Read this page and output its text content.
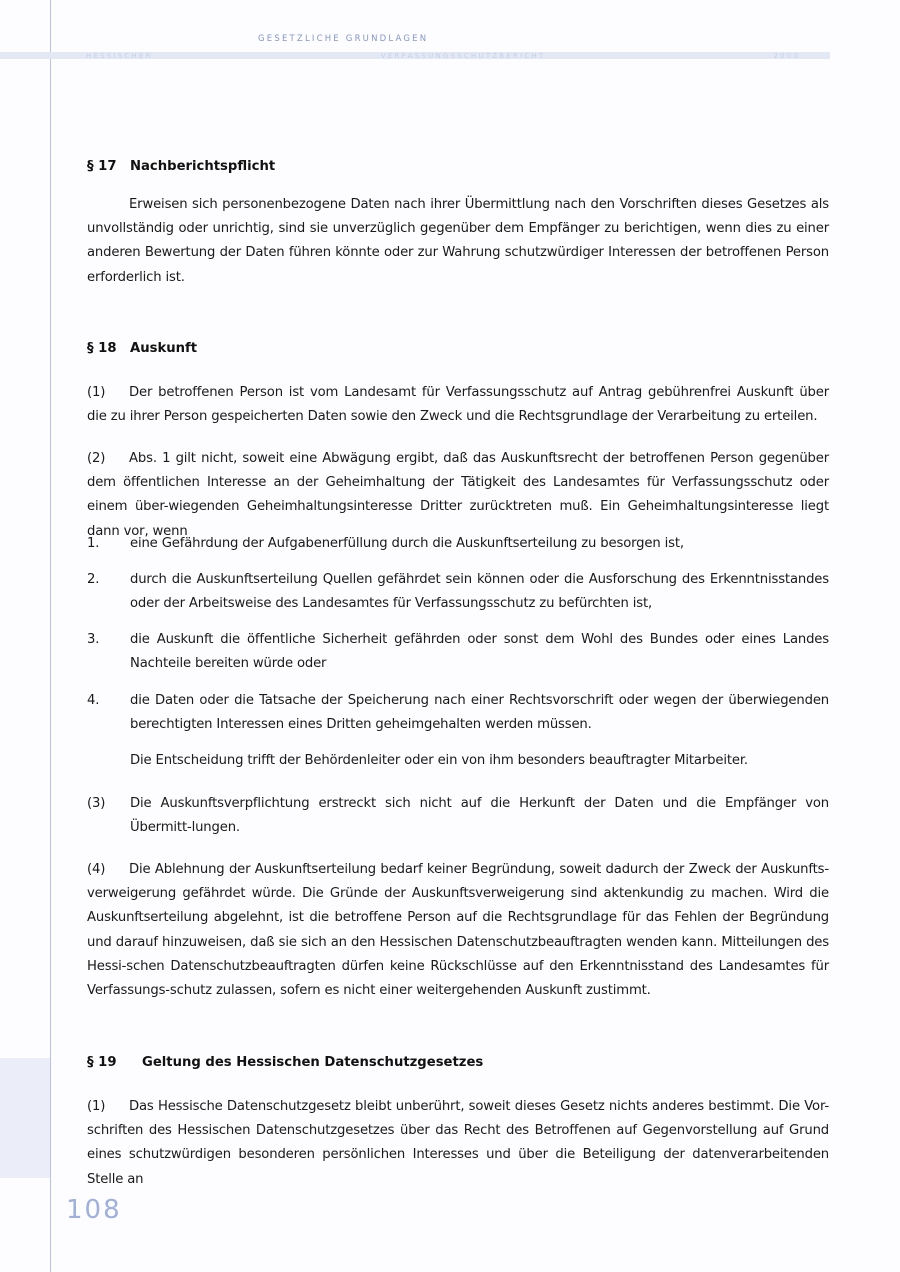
GESETZLICHE GRUNDLAGEN
H E S S I S C H E R	V E R F A S S U N G S S C H U T Z B E R I C H T	2 0 0 0
108
§ 17 Nachberichtspflicht
Erweisen sich personenbezogene Daten nach ihrer Übermittlung nach den Vorschriften dieses Gesetzes als unvollständig oder unrichtig, sind sie unverzüglich gegenüber dem Empfänger zu berichtigen, wenn dies zu einer anderen Bewertung der Daten führen könnte oder zur Wahrung schutzwürdiger Interessen der betroffenen Person erforderlich ist.
§ 18 Auskunft
(1) Der betroffenen Person ist vom Landesamt für Verfassungsschutz auf Antrag gebührenfrei Auskunft über die zu ihrer Person gespeicherten Daten sowie den Zweck und die Rechtsgrundlage der Verarbeitung zu erteilen.
(2) Abs. 1 gilt nicht, soweit eine Abwägung ergibt, daß das Auskunftsrecht der betroffenen Person gegenüber dem öffentlichen Interesse an der Geheimhaltung der Tätigkeit des Landesamtes für Verfassungsschutz oder einem über-wiegenden Geheimhaltungsinteresse Dritter zurücktreten muß. Ein Geheimhaltungsinteresse liegt dann vor, wenn
1.	eine Gefährdung der Aufgabenerfüllung durch die Auskunftserteilung zu besorgen ist,
2.	durch die Auskunftserteilung Quellen gefährdet sein können oder die Ausforschung des Erkenntnisstandes oder der Arbeitsweise des Landesamtes für Verfassungsschutz zu befürchten ist,
3.	die Auskunft die öffentliche Sicherheit gefährden oder sonst dem Wohl des Bundes oder eines Landes Nachteile bereiten würde oder
4.	die Daten oder die Tatsache der Speicherung nach einer Rechtsvorschrift oder wegen der überwiegenden berechtigten Interessen eines Dritten geheimgehalten werden müssen.
Die Entscheidung trifft der Behördenleiter oder ein von ihm besonders beauftragter Mitarbeiter.
(3)	Die Auskunftsverpflichtung erstreckt sich nicht auf die Herkunft der Daten und die Empfänger von Übermitt-lungen.
(4) Die Ablehnung der Auskunftserteilung bedarf keiner Begründung, soweit dadurch der Zweck der Auskunfts-verweigerung gefährdet würde. Die Gründe der Auskunftsverweigerung sind aktenkundig zu machen. Wird die Auskunftserteilung abgelehnt, ist die betroffene Person auf die Rechtsgrundlage für das Fehlen der Begründung und darauf hinzuweisen, daß sie sich an den Hessischen Datenschutzbeauftragten wenden kann. Mitteilungen des Hessi-schen Datenschutzbeauftragten dürfen keine Rückschlüsse auf den Erkenntnisstand des Landesamtes für Verfassungs-schutz zulassen, sofern es nicht einer weitergehenden Auskunft zustimmt.
§ 19 Geltung des Hessischen Datenschutzgesetzes
(1) Das Hessische Datenschutzgesetz bleibt unberührt, soweit dieses Gesetz nichts anderes bestimmt. Die Vor-schriften des Hessischen Datenschutzgesetzes über das Recht des Betroffenen auf Gegenvorstellung auf Grund eines schutzwürdigen besonderen persönlichen Interesses und über die Beteiligung der datenverarbeitenden Stelle an
